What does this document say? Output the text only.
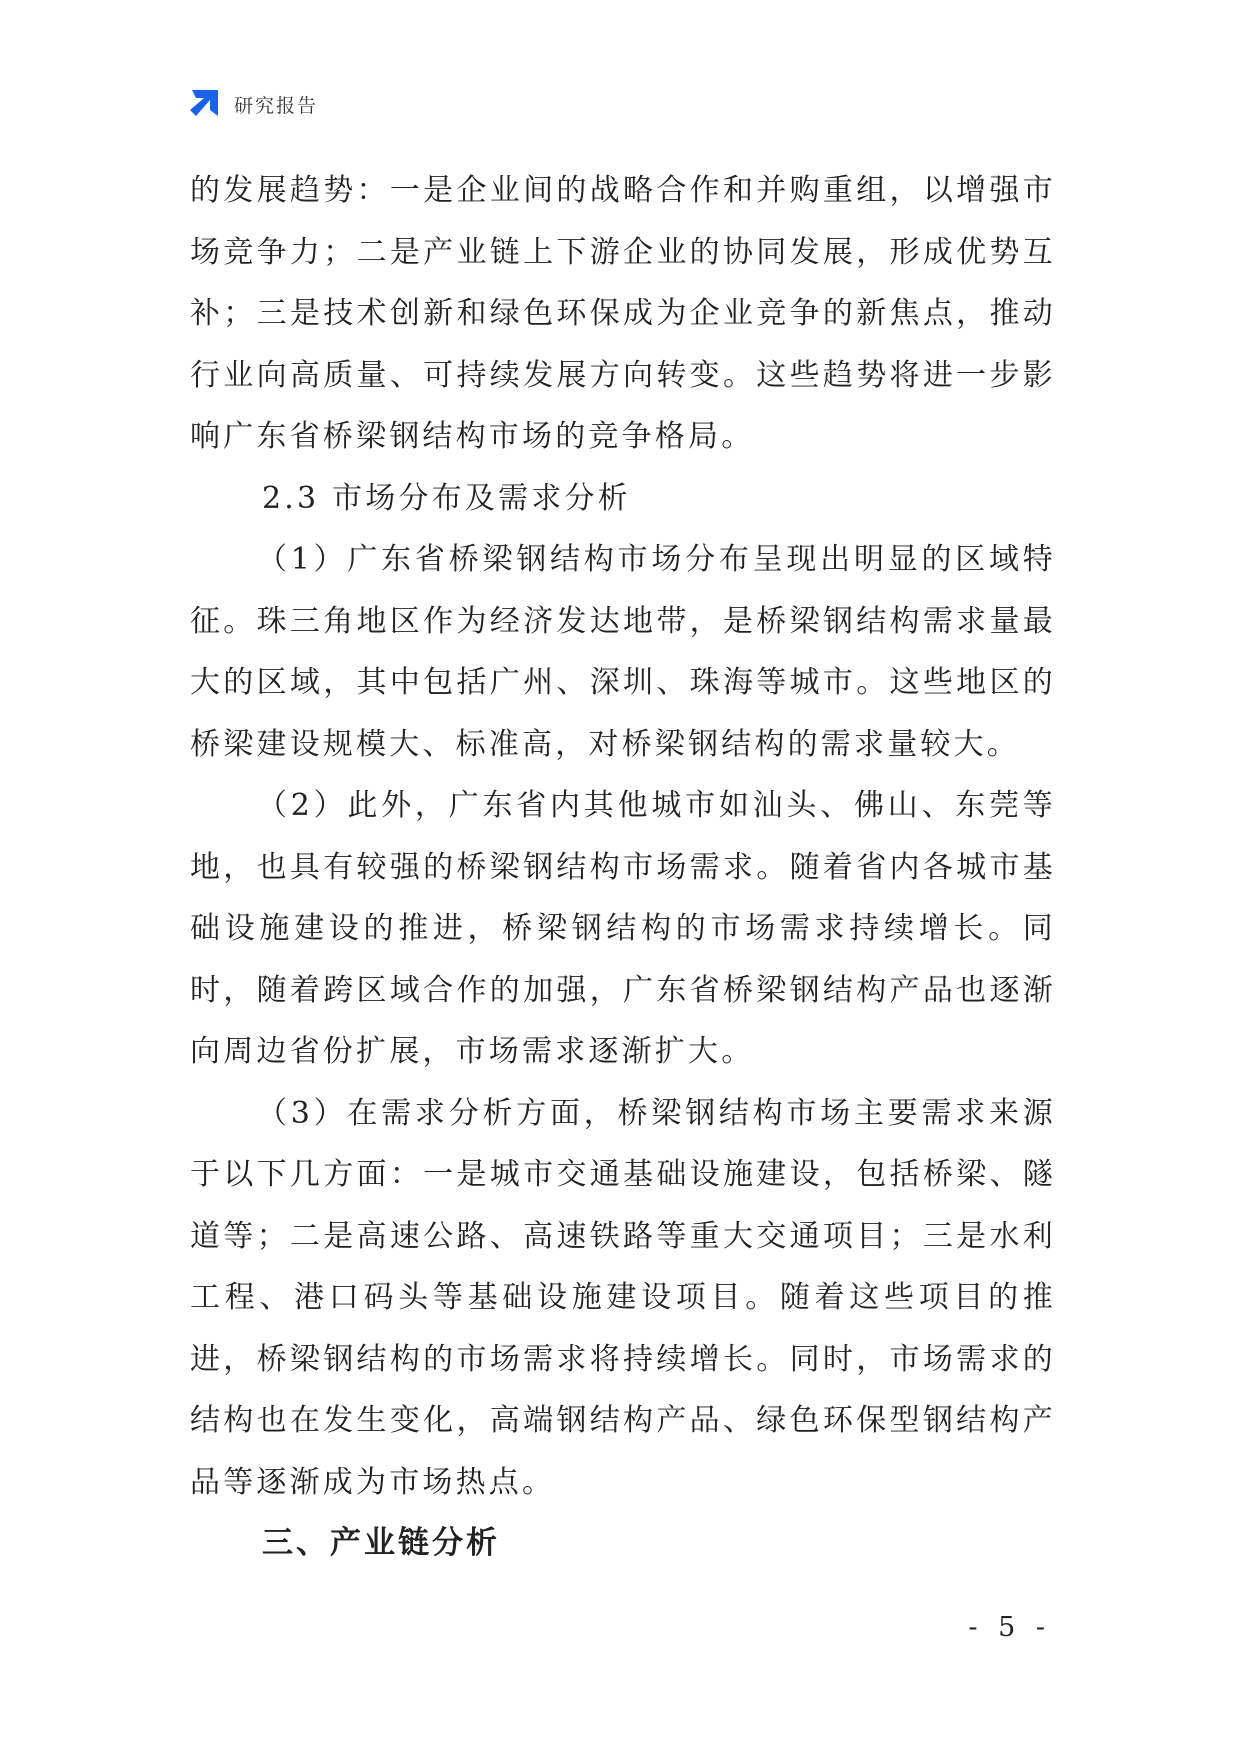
研究报告

的发展趋势：一是企业间的战略合作和并购重组，以增强市场竞争力；二是产业链上下游企业的协同发展，形成优势互补；三是技术创新和绿色环保成为企业竞争的新焦点，推动行业向高质量、可持续发展方向转变。这些趋势将进一步影响广东省桥梁钢结构市场的竞争格局。

2.3 市场分布及需求分析

（1）广东省桥梁钢结构市场分布呈现出明显的区域特征。珠三角地区作为经济发达地带，是桥梁钢结构需求量最大的区域，其中包括广州、深圳、珠海等城市。这些地区的桥梁建设规模大、标准高，对桥梁钢结构的需求量较大。

（2）此外，广东省内其他城市如汕头、佛山、东莞等地，也具有较强的桥梁钢结构市场需求。随着省内各城市基础设施建设的推进，桥梁钢结构的市场需求持续增长。同时，随着跨区域合作的加强，广东省桥梁钢结构产品也逐渐向周边省份扩展，市场需求逐渐扩大。

（3）在需求分析方面，桥梁钢结构市场主要需求来源于以下几方面：一是城市交通基础设施建设，包括桥梁、隧道等；二是高速公路、高速铁路等重大交通项目；三是水利工程、港口码头等基础设施建设项目。随着这些项目的推进，桥梁钢结构的市场需求将持续增长。同时，市场需求的结构也在发生变化，高端钢结构产品、绿色环保型钢结构产品等逐渐成为市场热点。

三、产业链分析

- 5 -
